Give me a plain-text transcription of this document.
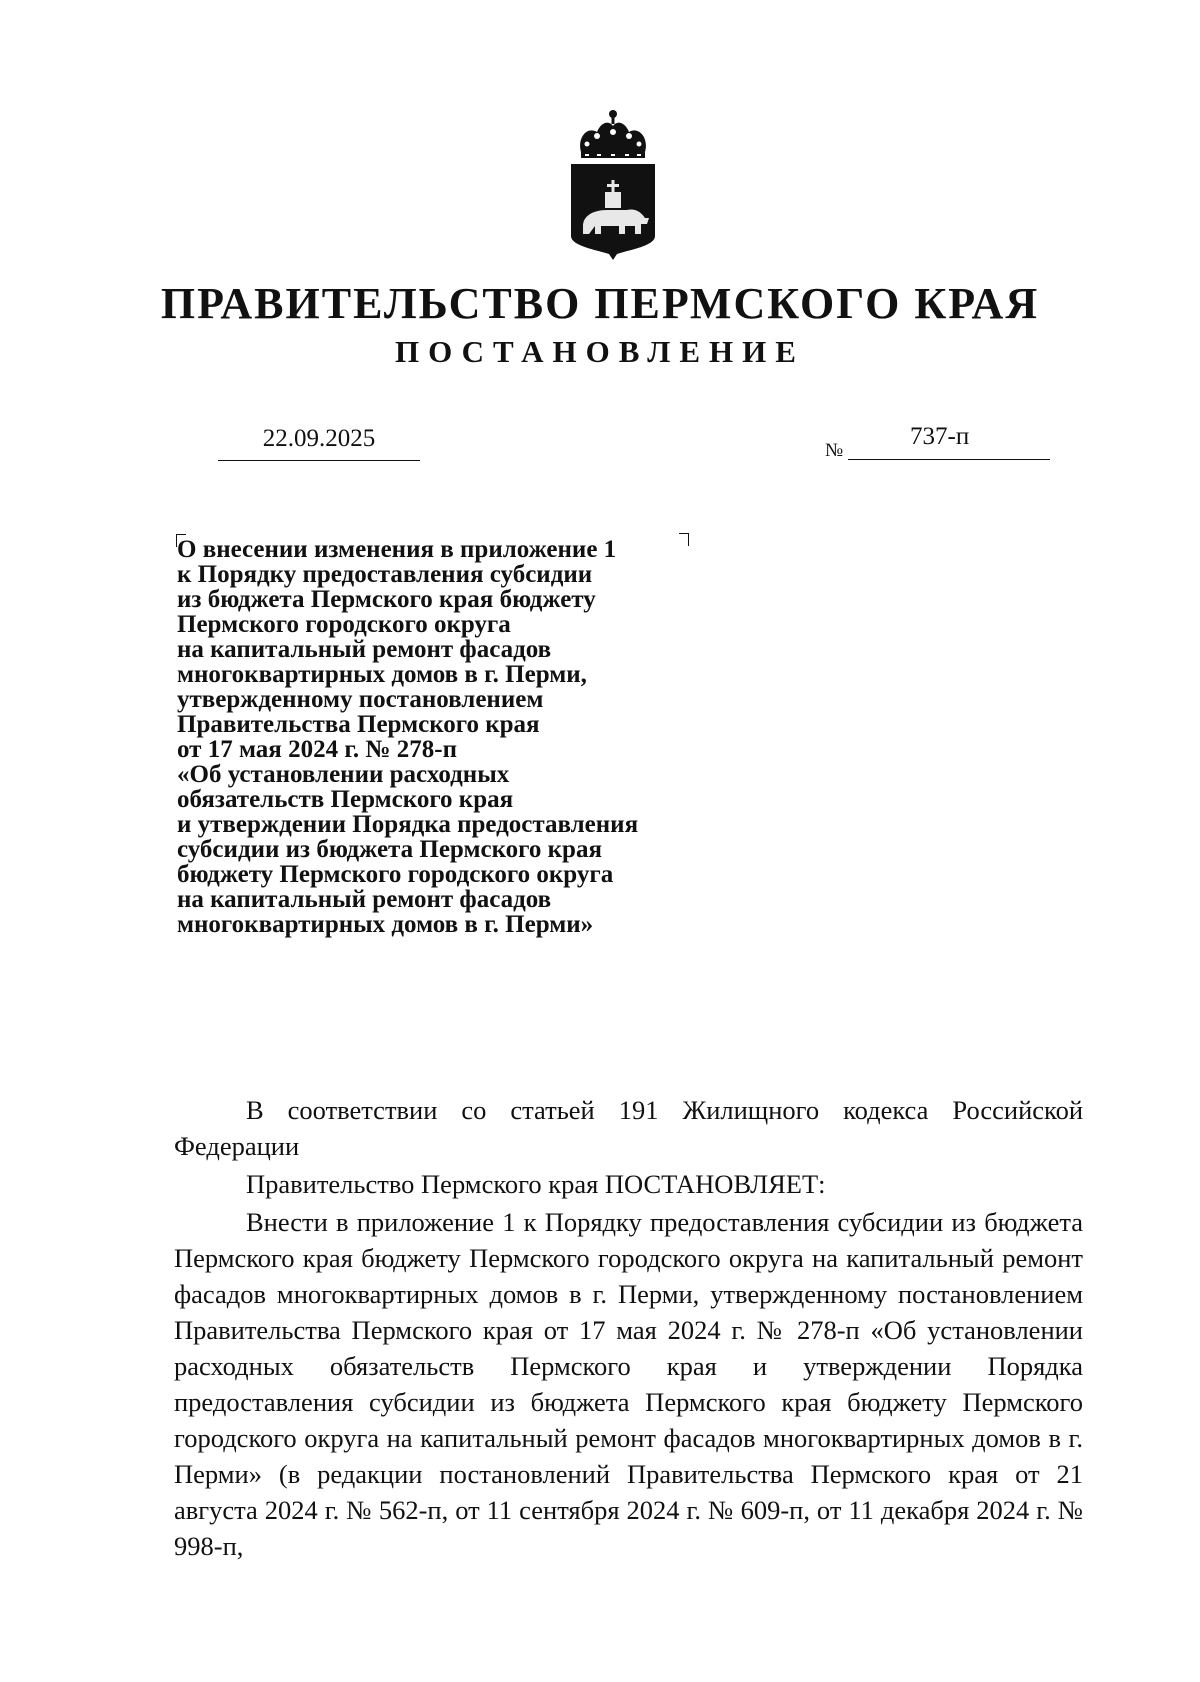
ПРАВИТЕЛЬСТВО ПЕРМСКОГО КРАЯ
ПОСТАНОВЛЕНИЕ
22.09.2025	№
737-п
О внесении изменения в приложение 1
к Порядку предоставления субсидии
из бюджета Пермского края бюджету
Пермского городского округа
на капитальный ремонт фасадов
многоквартирных домов в г. Перми,
утвержденному постановлением
Правительства Пермского края
от 17 мая 2024 г. № 278-п
«Об установлении расходных
обязательств Пермского края
и утверждении Порядка предоставления
субсидии из бюджета Пермского края
бюджету Пермского городского округа
на капитальный ремонт фасадов
многоквартирных домов в г. Перми»

В соответствии со статьей 191 Жилищного кодекса Российской Федерации

Правительство Пермского края ПОСТАНОВЛЯЕТ:

Внести в приложение 1 к Порядку предоставления субсидии из бюджета Пермского края бюджету Пермского городского округа на капитальный ремонт фасадов многоквартирных домов в г. Перми, утвержденному постановлением Правительства Пермского края от 17 мая 2024 г. № 278-п «Об установлении расходных обязательств Пермского края и утверждении Порядка предоставления субсидии из бюджета Пермского края бюджету Пермского городского округа на капитальный ремонт фасадов многоквартирных домов в г. Перми» (в редакции постановлений Правительства Пермского края от 21 августа 2024 г. № 562-п, от 11 сентября 2024 г. № 609-п, от 11 декабря 2024 г. № 998-п,
